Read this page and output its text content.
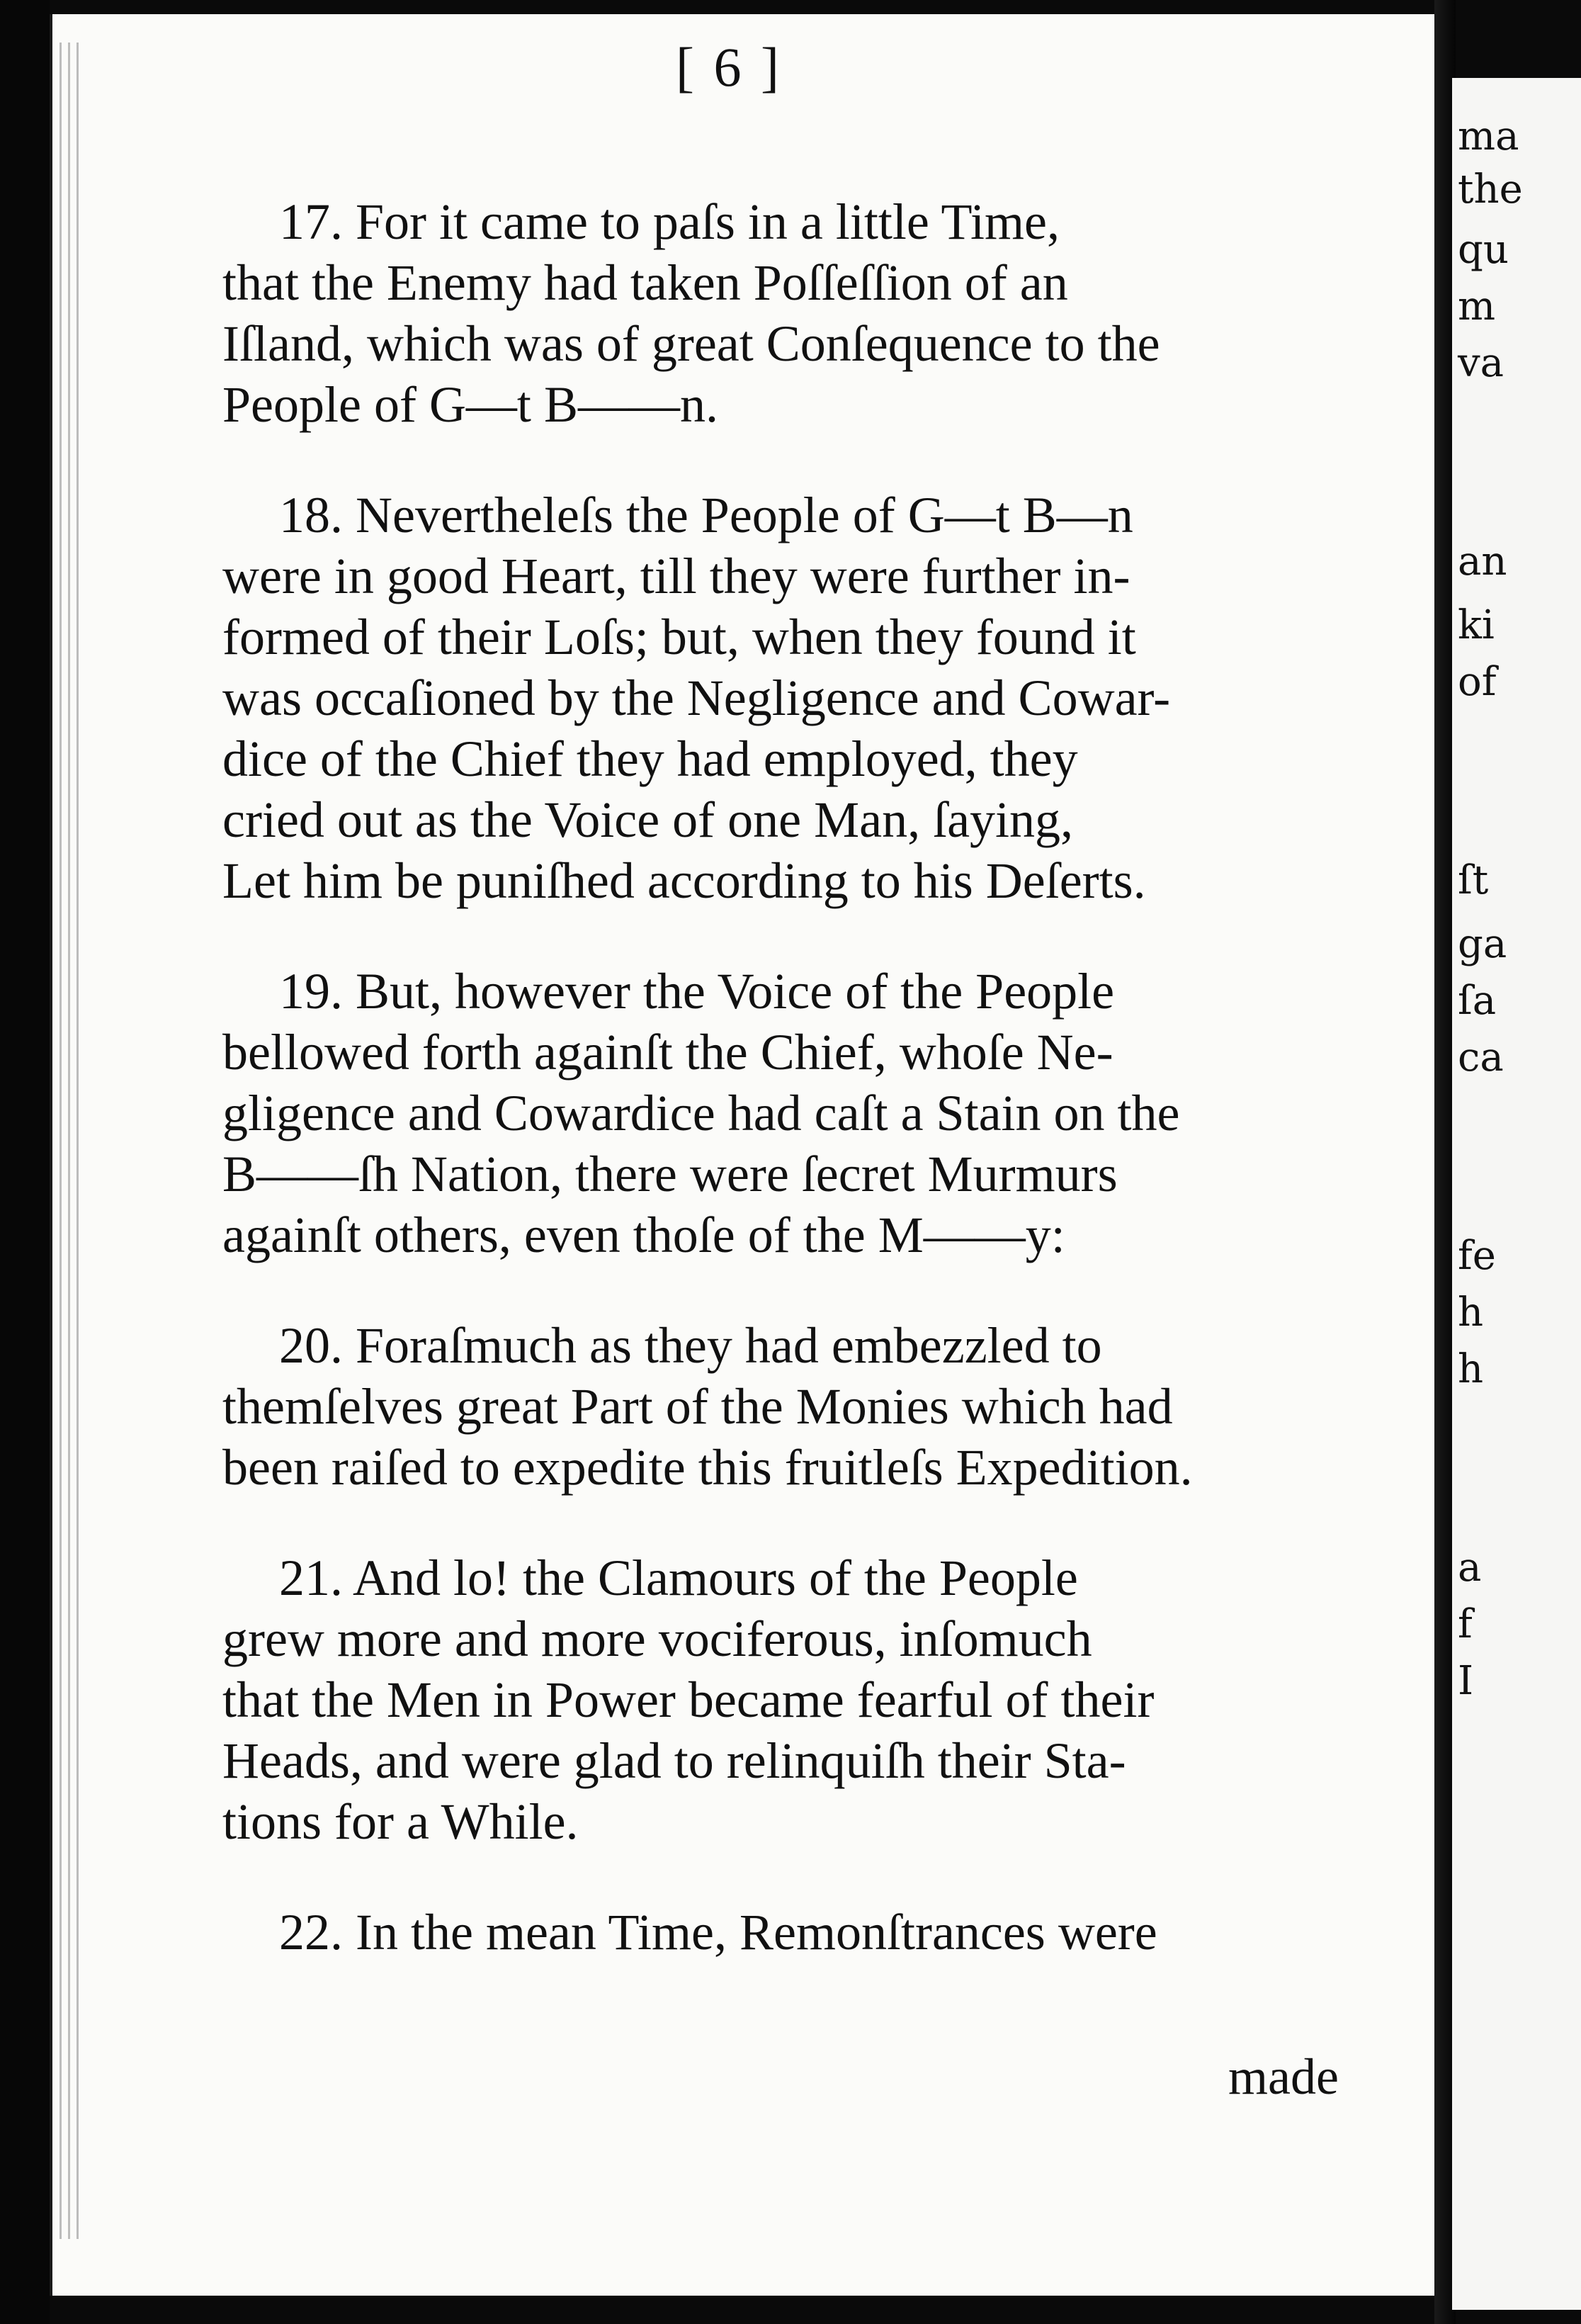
[ 6 ]
17. For it came to paſs in a little Time,
that the Enemy had taken Poſſeſſion of an
Iſland, which was of great Conſequence to the
People of G—t B——n.
18. Nevertheleſs the People of G—t B—n
were in good Heart, till they were further in-
formed of their Loſs; but, when they found it
was occaſioned by the Negligence and Cowar-
dice of the Chief they had employed, they
cried out as the Voice of one Man, ſaying,
Let him be puniſhed according to his Deſerts.
19. But, however the Voice of the People
bellowed forth againſt the Chief, whoſe Ne-
gligence and Cowardice had caſt a Stain on the
B——ſh Nation, there were ſecret Murmurs
againſt others, even thoſe of the M——y:
20. Foraſmuch as they had embezzled to
themſelves great Part of the Monies which had
been raiſed to expedite this fruitleſs Expedition.
21. And lo! the Clamours of the People
grew more and more vociferous, inſomuch
that the Men in Power became fearful of their
Heads, and were glad to relinquiſh their Sta-
tions for a While.
22. In the mean Time, Remonſtrances were
made
ma
the
qu
m
va
an
ki
of
ſt
ga
ſa
ca
fe
h
h
a
f
I
